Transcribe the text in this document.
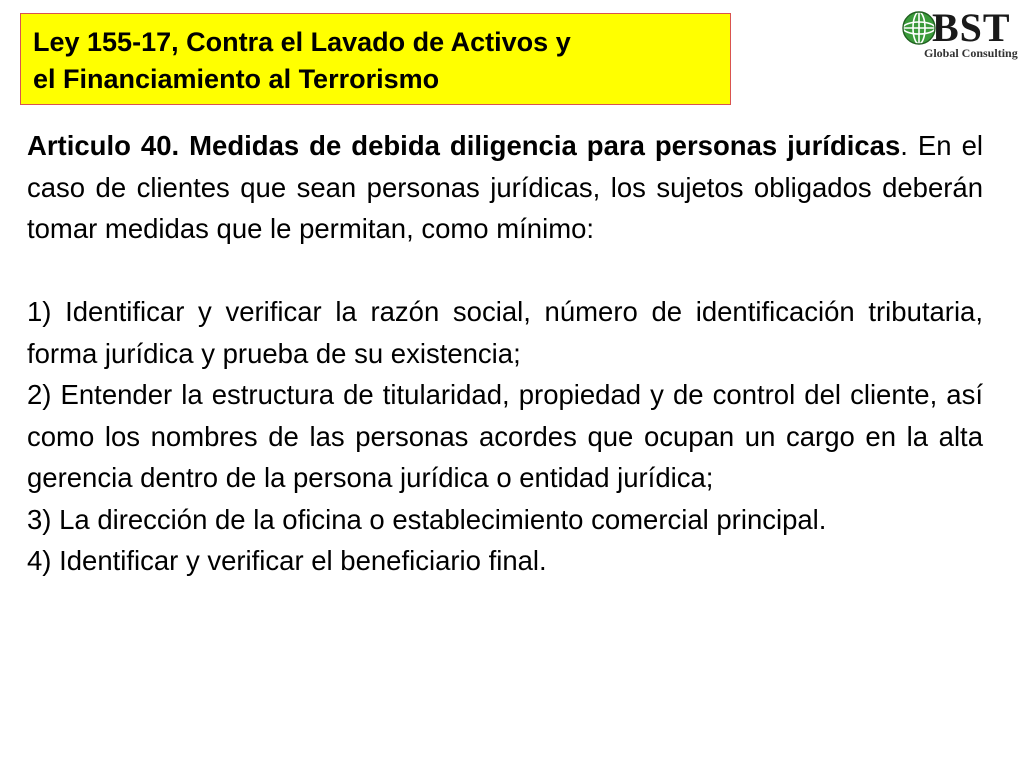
Ley 155-17, Contra el Lavado de Activos y
el Financiamiento al Terrorismo
BST
Global Consulting

Articulo 40. Medidas de debida diligencia para personas jurídicas. En el caso de clientes que sean personas jurídicas, los sujetos obligados deberán tomar medidas que le permitan, como mínimo:

1) Identificar y verificar la razón social, número de identificación tributaria, forma jurídica y prueba de su existencia;

2) Entender la estructura de titularidad, propiedad y de control del cliente, así como los nombres de las personas acordes que ocupan un cargo en la alta gerencia dentro de la persona jurídica o entidad jurídica;

3) La dirección de la oficina o establecimiento comercial principal.

4) Identificar y verificar el beneficiario final.
